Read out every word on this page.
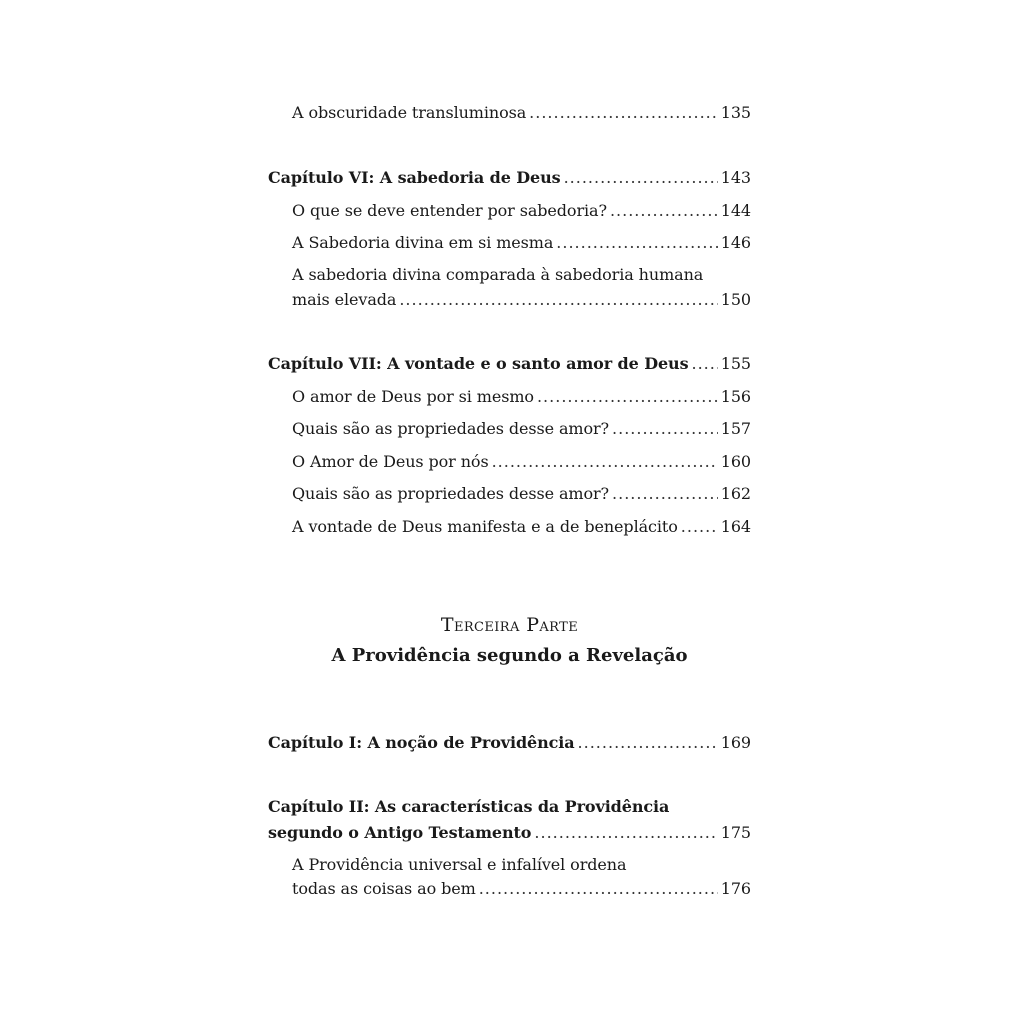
A obscuridade transluminosa .....	135
Capítulo VI: A sabedoria de Deus .....	143
O que se deve entender por sabedoria? .....	144
A Sabedoria divina em si mesma .....	146
A sabedoria divina comparada à sabedoria humana
mais elevada .....	150
Capítulo VII: A vontade e o santo amor de Deus ..... 155
O amor de Deus por si mesmo .....	156
Quais são as propriedades desse amor? .....	157
O Amor de Deus por nós .....	160
Quais são as propriedades desse amor? .....	162
A vontade de Deus manifesta e a de beneplácito .....	164
Terceira Parte
A Providência segundo a Revelação
Capítulo I: A noção de Providência .....	169
Capítulo II: As características da Providência
segundo o Antigo Testamento .....	175
A Providência universal e infalível ordena
todas as coisas ao bem .....	176
